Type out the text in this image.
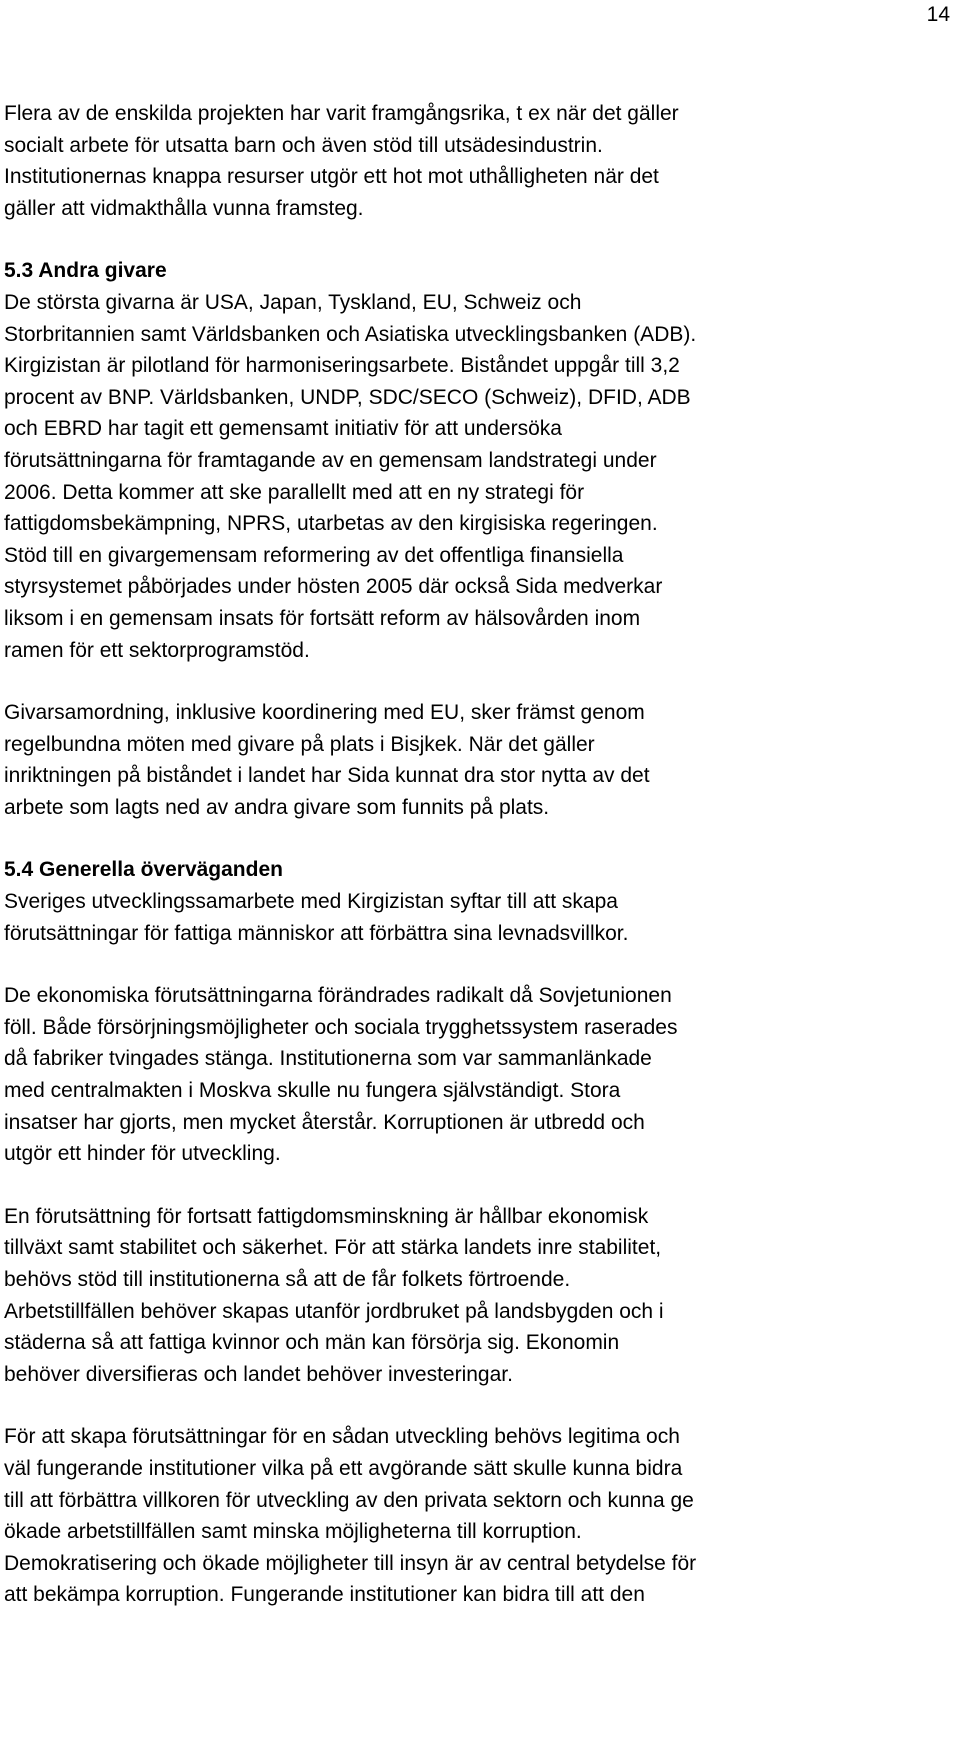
14

Flera av de enskilda projekten har varit framgångsrika, t ex när det gäller
socialt arbete för utsatta barn och även stöd till utsädesindustrin.
Institutionernas knappa resurser utgör ett hot mot uthålligheten när det
gäller att vidmakthålla vunna framsteg.

5.3 Andra givare

De största givarna är USA, Japan, Tyskland, EU, Schweiz och
Storbritannien samt Världsbanken och Asiatiska utvecklingsbanken (ADB).
Kirgizistan är pilotland för harmoniseringsarbete. Biståndet uppgår till 3,2
procent av BNP. Världsbanken, UNDP, SDC/SECO (Schweiz), DFID, ADB
och EBRD har tagit ett gemensamt initiativ för att undersöka
förutsättningarna för framtagande av en gemensam landstrategi under
2006. Detta kommer att ske parallellt med att en ny strategi för
fattigdomsbekämpning, NPRS, utarbetas av den kirgisiska regeringen.
Stöd till en givargemensam reformering av det offentliga finansiella
styrsystemet påbörjades under hösten 2005 där också Sida medverkar
liksom i en gemensam insats för fortsätt reform av hälsovården inom
ramen för ett sektorprogramstöd.

Givarsamordning, inklusive koordinering med EU, sker främst genom
regelbundna möten med givare på plats i Bisjkek. När det gäller
inriktningen på biståndet i landet har Sida kunnat dra stor nytta av det
arbete som lagts ned av andra givare som funnits på plats.

5.4 Generella överväganden

Sveriges utvecklingssamarbete med Kirgizistan syftar till att skapa
förutsättningar för fattiga människor att förbättra sina levnadsvillkor.

De ekonomiska förutsättningarna förändrades radikalt då Sovjetunionen
föll. Både försörjningsmöjligheter och sociala trygghetssystem raserades
då fabriker tvingades stänga. Institutionerna som var sammanlänkade
med centralmakten i Moskva skulle nu fungera självständigt. Stora
insatser har gjorts, men mycket återstår. Korruptionen är utbredd och
utgör ett hinder för utveckling.

En förutsättning för fortsatt fattigdomsminskning är hållbar ekonomisk
tillväxt samt stabilitet och säkerhet. För att stärka landets inre stabilitet,
behövs stöd till institutionerna så att de får folkets förtroende.
Arbetstillfällen behöver skapas utanför jordbruket på landsbygden och i
städerna så att fattiga kvinnor och män kan försörja sig. Ekonomin
behöver diversifieras och landet behöver investeringar.

För att skapa förutsättningar för en sådan utveckling behövs legitima och
väl fungerande institutioner vilka på ett avgörande sätt skulle kunna bidra
till att förbättra villkoren för utveckling av den privata sektorn och kunna ge
ökade arbetstillfällen samt minska möjligheterna till korruption.
Demokratisering och ökade möjligheter till insyn är av central betydelse för
att bekämpa korruption. Fungerande institutioner kan bidra till att den
